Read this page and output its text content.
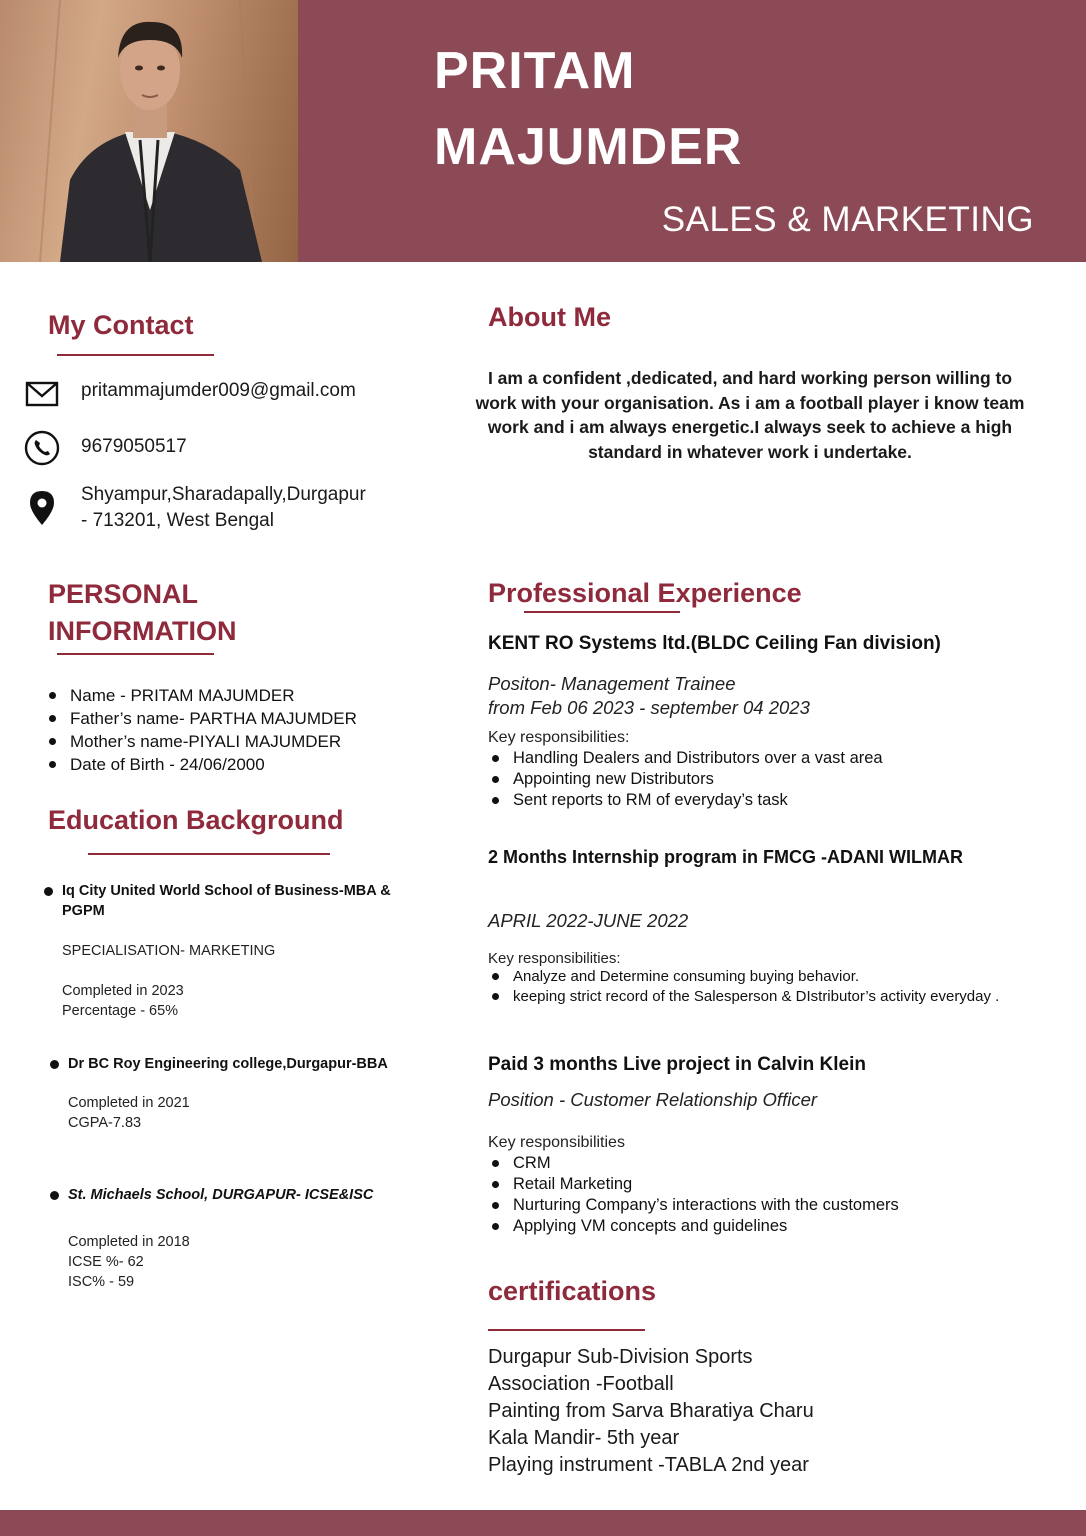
PRITAM
MAJUMDER
SALES & MARKETING
My Contact
pritammajumder009@gmail.com
9679050517
Shyampur,Sharadapally,Durgapur
- 713201, West Bengal
PERSONAL
INFORMATION
Name - PRITAM MAJUMDER
Father’s name- PARTHA MAJUMDER
Mother’s name-PIYALI MAJUMDER
Date of Birth - 24/06/2000
Education Background
Iq City United World School of Business-MBA & PGPM
SPECIALISATION- MARKETING
Completed in 2023
Percentage - 65%
Dr BC Roy Engineering college,Durgapur-BBA
Completed in 2021
CGPA-7.83
St. Michaels School, DURGAPUR- ICSE&ISC
Completed in 2018
ICSE %- 62
ISC% - 59
About Me
I am a confident ,dedicated, and hard working person willing to work with your organisation. As i am a football player i know team work and i am always energetic.I always seek to achieve a high standard in whatever work i undertake.
Professional Experience
KENT RO Systems ltd.(BLDC Ceiling Fan division)
Positon- Management Trainee
from Feb 06 2023 - september 04 2023
Key responsibilities:
Handling Dealers and Distributors over a vast area
Appointing new Distributors
Sent reports to RM of everyday’s task
2 Months Internship program in FMCG -ADANI WILMAR
APRIL 2022-JUNE 2022
Key responsibilities:
Analyze and Determine consuming buying behavior.
keeping strict record of the Salesperson & DIstributor’s activity everyday .
Paid 3 months Live project in Calvin Klein
Position - Customer Relationship Officer
Key responsibilities
CRM
Retail Marketing
Nurturing Company’s interactions with the customers
Applying VM concepts and guidelines
certifications
Durgapur Sub-Division Sports
Association -Football
Painting from Sarva Bharatiya Charu
Kala Mandir- 5th year
Playing instrument -TABLA 2nd year
